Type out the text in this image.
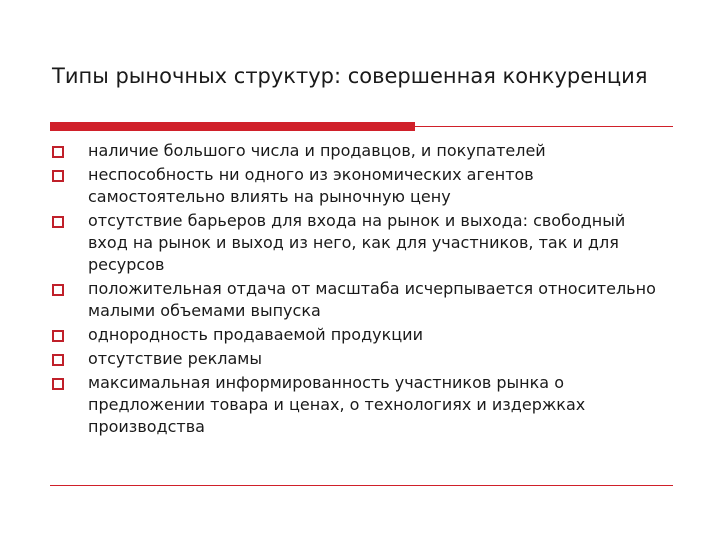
Типы рыночных структур: совершенная конкуренция
наличие большого числа и продавцов, и покупателей
неспособность ни одного из экономических агентов самостоятельно влиять на рыночную цену
отсутствие барьеров для входа на рынок и выхода: свободный вход на рынок и выход из него, как для участников, так и для ресурсов
положительная отдача от масштаба исчерпывается относительно малыми объемами выпуска
однородность продаваемой продукции
отсутствие рекламы
максимальная информированность участников рынка о предложении товара и ценах, о технологиях и издержках производства
